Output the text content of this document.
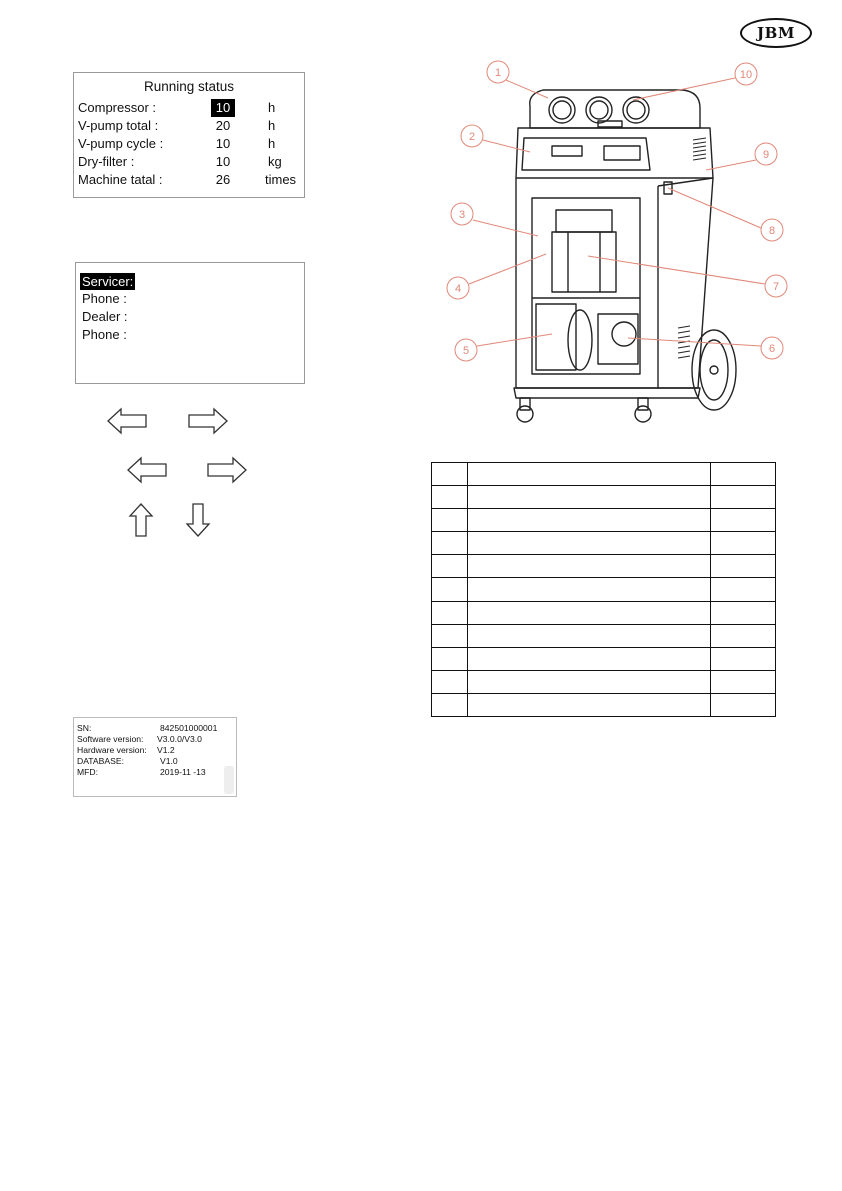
JBM
Running status
Compressor :	10	h
V-pump total :	20	h
V-pump cycle :	10	h
Dry-filter :	10	kg
Machine tatal :	26	times
Servicer:
Phone :
Dealer :
Phone :
SN:	842501000001
Software version: V3.0.0/V3.0
Hardware version: V1.2
DATABASE:	V1.0
MFD:	2019-11 -13
1
2
3
4
5	6
7
8
9
10
